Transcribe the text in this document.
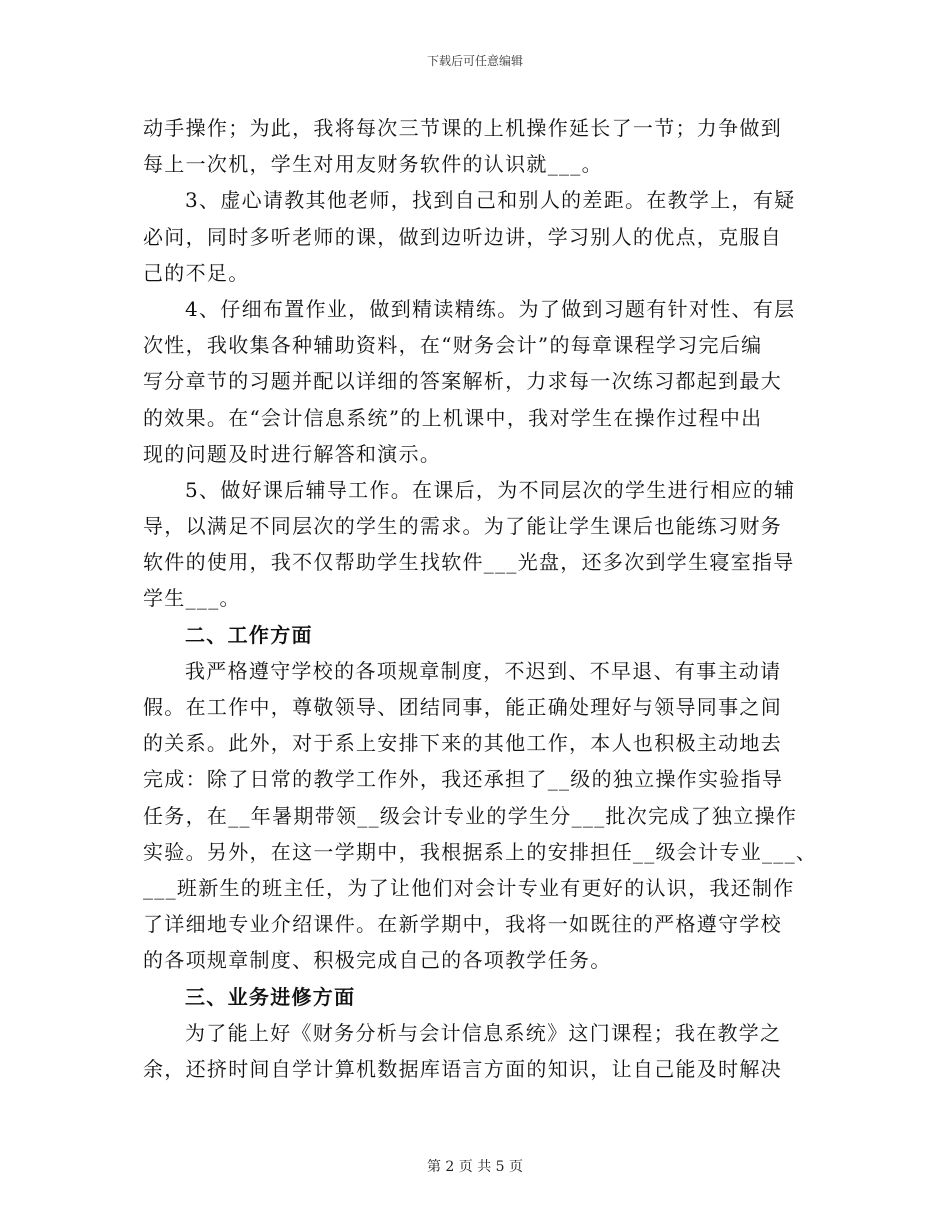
下载后可任意编辑
动手操作；为此，我将每次三节课的上机操作延长了一节；力争做到
每上一次机，学生对用友财务软件的认识就___。
3、虚心请教其他老师，找到自己和别人的差距。在教学上，有疑
必问，同时多听老师的课，做到边听边讲，学习别人的优点，克服自
己的不足。
4、仔细布置作业，做到精读精练。为了做到习题有针对性、有层
次性，我收集各种辅助资料，在“财务会计”的每章课程学习完后编
写分章节的习题并配以详细的答案解析，力求每一次练习都起到最大
的效果。在“会计信息系统”的上机课中，我对学生在操作过程中出
现的问题及时进行解答和演示。
5、做好课后辅导工作。在课后，为不同层次的学生进行相应的辅
导，以满足不同层次的学生的需求。为了能让学生课后也能练习财务
软件的使用，我不仅帮助学生找软件___光盘，还多次到学生寝室指导
学生___。
二、工作方面
我严格遵守学校的各项规章制度，不迟到、不早退、有事主动请
假。在工作中，尊敬领导、团结同事，能正确处理好与领导同事之间
的关系。此外，对于系上安排下来的其他工作，本人也积极主动地去
完成：除了日常的教学工作外，我还承担了__级的独立操作实验指导
任务，在__年暑期带领__级会计专业的学生分___批次完成了独立操作
实验。另外，在这一学期中，我根据系上的安排担任__级会计专业___、
___班新生的班主任，为了让他们对会计专业有更好的认识，我还制作
了详细地专业介绍课件。在新学期中，我将一如既往的严格遵守学校
的各项规章制度、积极完成自己的各项教学任务。
三、业务进修方面
为了能上好《财务分析与会计信息系统》这门课程；我在教学之
余，还挤时间自学计算机数据库语言方面的知识，让自己能及时解决
第 2 页 共 5 页
